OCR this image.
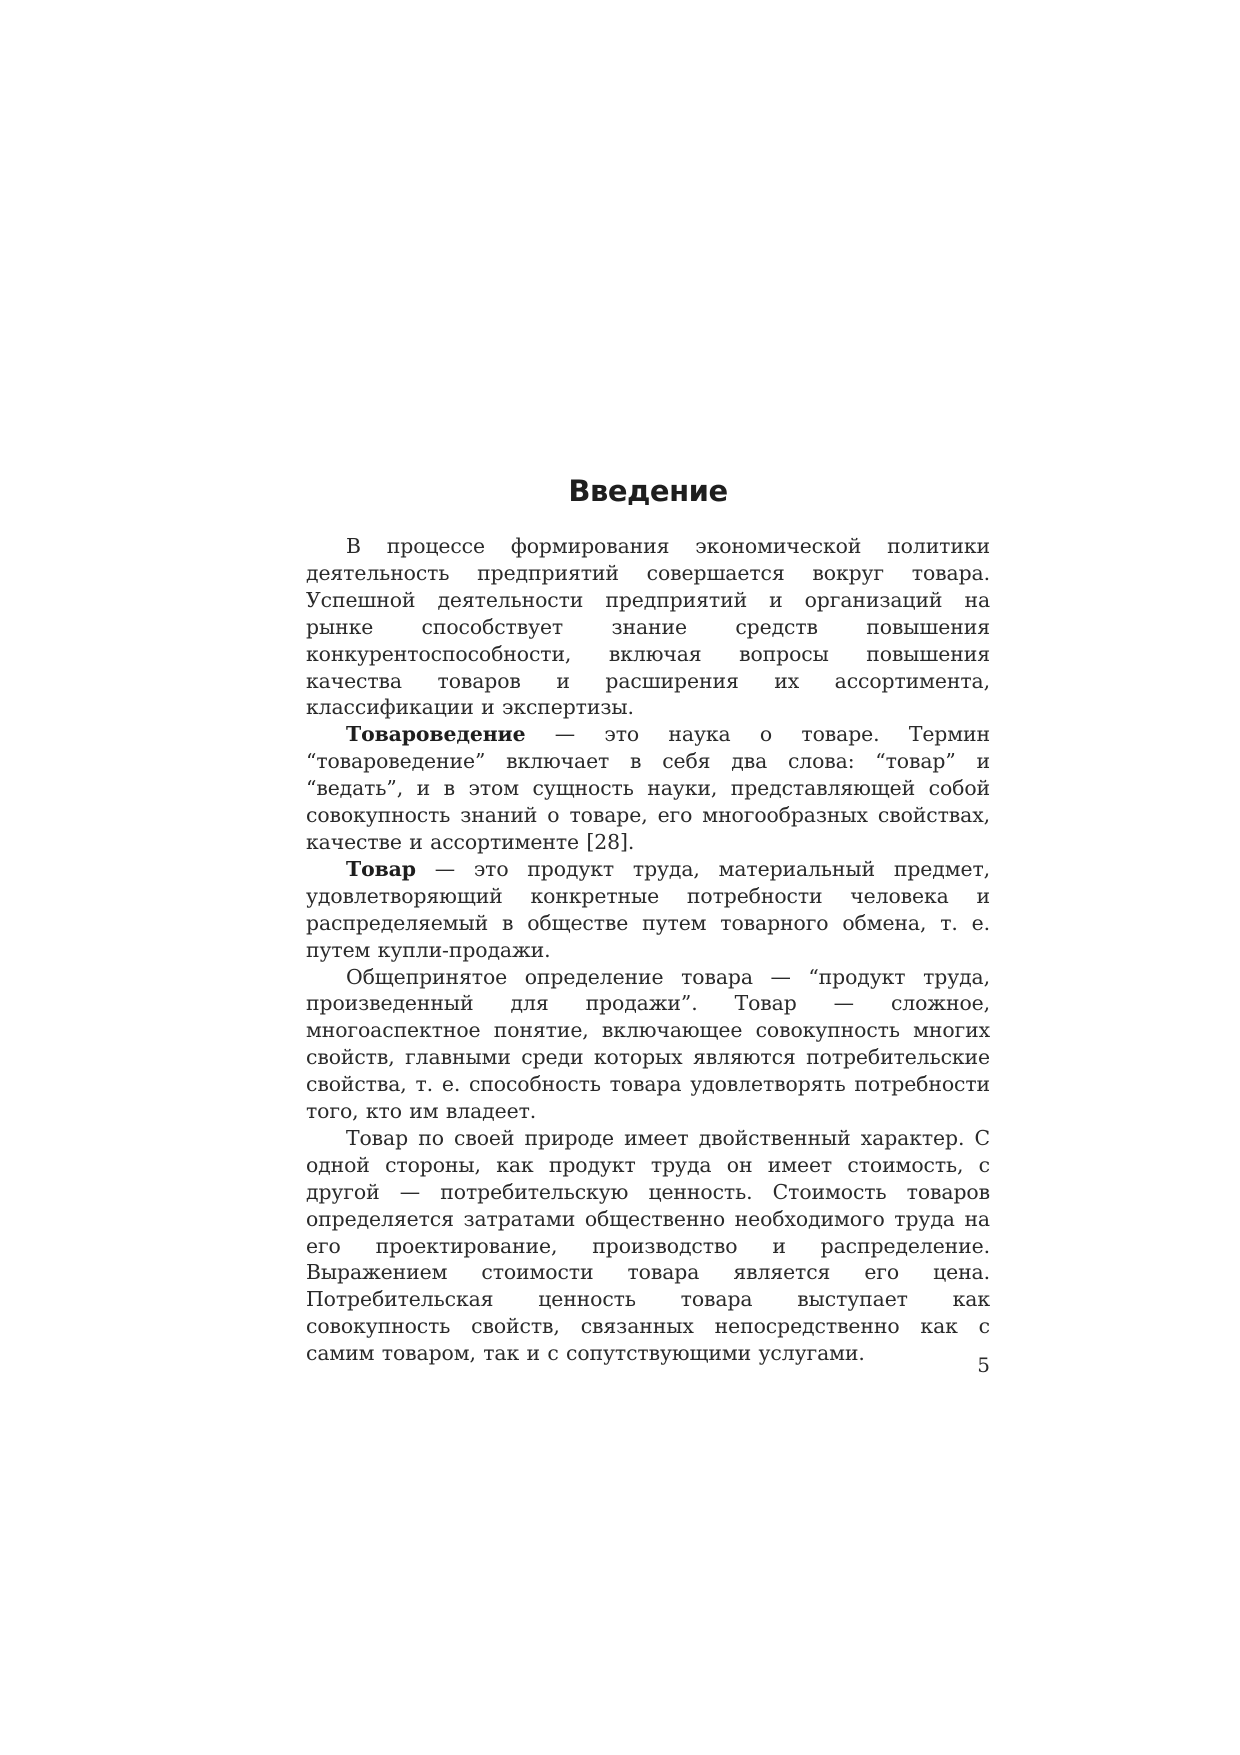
Введение

В процессе формирования экономической политики деятельность предприятий совершается вокруг товара. Успешной деятельности предприятий и организаций на рынке способствует знание средств повышения конкурентоспособности, включая вопросы повышения качества товаров и расширения их ассортимента, классификации и экспертизы.

Товароведение — это наука о товаре. Термин “товароведение” включает в себя два слова: “товар” и “ведать”, и в этом сущность науки, представляющей собой совокупность знаний о товаре, его многообразных свойствах, качестве и ассортименте [28].

Товар — это продукт труда, материальный предмет, удовлетворяющий конкретные потребности человека и распределяемый в обществе путем товарного обмена, т. е. путем купли-продажи.

Общепринятое определение товара — “продукт труда, произведенный для продажи”. Товар — сложное, многоаспектное понятие, включающее совокупность многих свойств, главными среди которых являются потребительские свойства, т. е. способность товара удовлетворять потребности того, кто им владеет.

Товар по своей природе имеет двойственный характер. С одной стороны, как продукт труда он имеет стоимость, с другой — потребительскую ценность. Стоимость товаров определяется затратами общественно необходимого труда на его проектирование, производство и распределение. Выражением стоимости товара является его цена. Потребительская ценность товара выступает как совокупность свойств, связанных непосредственно как с самим товаром, так и с сопутствующими услугами.	5
